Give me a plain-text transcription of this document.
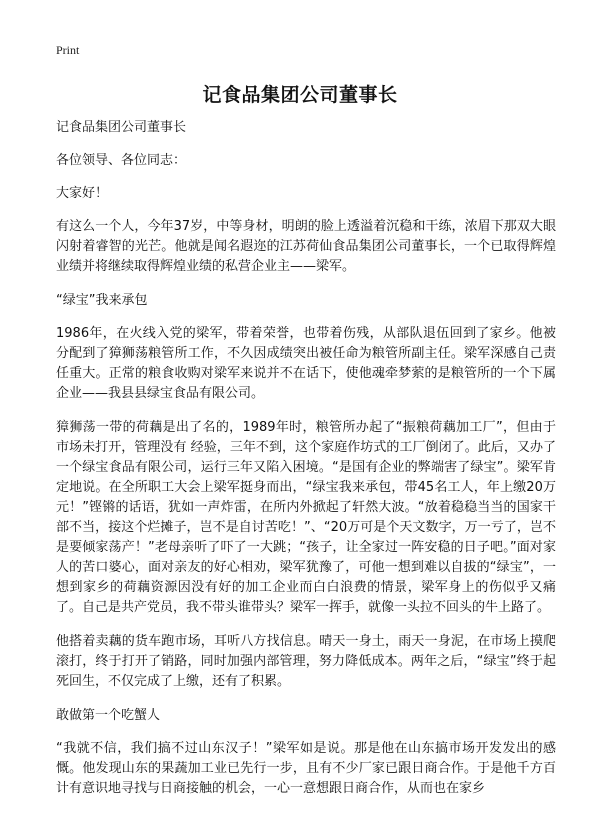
Print
记食品集团公司董事长

记食品集团公司董事长

各位领导、各位同志：

大家好！

有这么一个人，今年37岁，中等身材，明朗的脸上透溢着沉稳和干练，浓眉下那双大眼闪射着睿智的光芒。他就是闻名遐迩的江苏荷仙食品集团公司董事长，一个已取得辉煌业绩并将继续取得辉煌业绩的私营企业主——梁军。

“绿宝”我来承包

1986年，在火线入党的梁军，带着荣誉，也带着伤残，从部队退伍回到了家乡。他被分配到了獐狮荡粮管所工作，不久因成绩突出被任命为粮管所副主任。梁军深感自己责任重大。正常的粮食收购对梁军来说并不在话下，使他魂牵梦萦的是粮管所的一个下属企业——我县县绿宝食品有限公司。

獐狮荡一带的荷藕是出了名的，1989年时，粮管所办起了“振粮荷藕加工厂”，但由于市场未打开，管理没有 经验，三年不到，这个家庭作坊式的工厂倒闭了。此后，又办了一个绿宝食品有限公司，运行三年又陷入困境。“是国有企业的弊端害了绿宝”。梁军肯定地说。在全所职工大会上梁军挺身而出，“绿宝我来承包，带45名工人，年上缴20万元！”铿锵的话语，犹如一声炸雷，在所内外掀起了轩然大波。“放着稳稳当当的国家干部不当，接这个烂摊子，岂不是自讨苦吃！”、“20万可是个天文数字，万一亏了，岂不是要倾家荡产！”老母亲听了吓了一大跳；“孩子，让全家过一阵安稳的日子吧。”面对家人的苦口婆心，面对亲友的好心相劝，梁军犹豫了，可他一想到难以自拔的“绿宝”，一想到家乡的荷藕资源因没有好的加工企业而白白浪费的情景，梁军身上的伤似乎又痛了。自己是共产党员，我不带头谁带头？梁军一挥手，就像一头拉不回头的牛上路了。

他搭着卖藕的货车跑市场，耳听八方找信息。晴天一身土，雨天一身泥，在市场上摸爬滚打，终于打开了销路，同时加强内部管理，努力降低成本。两年之后，“绿宝”终于起死回生，不仅完成了上缴，还有了积累。

敢做第一个吃蟹人

“我就不信，我们搞不过山东汉子！”梁军如是说。那是他在山东搞市场开发发出的感慨。他发现山东的果蔬加工业已先行一步，且有不少厂家已跟日商合作。于是他千方百计有意识地寻找与日商接触的机会，一心一意想跟日商合作，从而也在家乡
